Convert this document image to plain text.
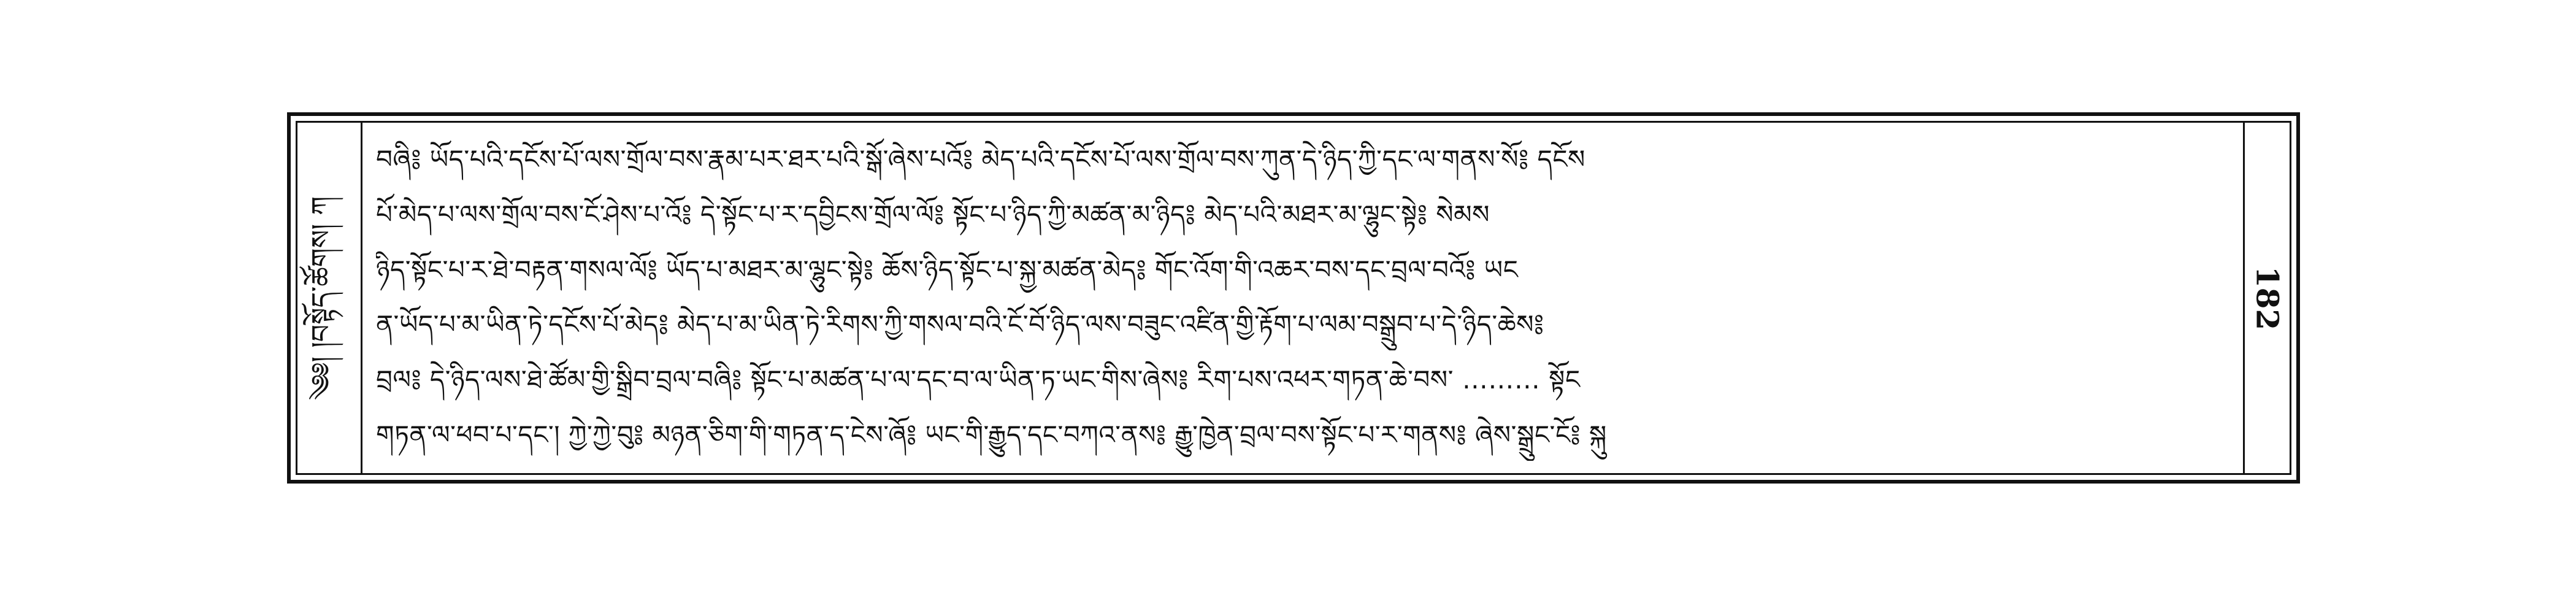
༄༅། །བསྟོད་ཚོགས། ཀ
བཞི༔ ཡོད་པའི་དངོས་པོ་ལས་གྲོལ་བས་རྣམ་པར་ཐར་པའི་སྒོ་ཞེས་པའོ༔ མེད་པའི་དངོས་པོ་ལས་གྲོལ་བས་ཀུན་དེ་ཉིད་ཀྱི་དང་ལ་གནས་སོ༔ དངོས
པོ་མེད་པ་ལས་གྲོལ་བས་ངོ་ཤེས་པ་འོ༔ དེ་སྟོང་པ་ར་དབྱིངས་གྲོལ་ལོ༔ སྟོང་པ་ཉིད་ཀྱི་མཚན་མ་ཉིད༔ མེད་པའི་མཐར་མ་ལྷུང་སྟེ༔ སེམས
ཉིད་སྟོང་པ་ར་ཐེ་བརྟན་གསལ་ལོ༔ ཡོད་པ་མཐར་མ་ལྷུང་སྟེ༔ ཆོས་ཉིད་སྟོང་པ་སྐྱ་མཚན་མེད༔ གོང་འོག་གི་འཆར་བས་དང་བྲལ་བའོ༔ ཡང
ན་ཡོད་པ་མ་ཡིན་ཏེ་དངོས་པོ་མེད༔ མེད་པ་མ་ཡིན་ཏེ་རིགས་ཀྱི་གསལ་བའི་ངོ་བོ་ཉིད་ལས་བཟུང་འཛིན་གྱི་རྟོག་པ་ལམ་བསྒྲུབ་པ་དེ་ཉིད་ཆེས༔
བྲལ༔ དེ་ཉིད་ལས་ཐེ་ཚོམ་གྱི་སྒྲིབ་བྲལ་བཞི༔ སྟོང་པ་མཚན་པ་ལ་དང་བ་ལ་ཡིན་ཏ་ཡང་གིས་ཞེས༔ རིག་པས་འཕར་གཏན་ཆེ་བས་ ……… སྟོང
གཏན་ལ་ཕབ་པ་དང་། ཀྱེ་ཀྱེ་བུ༔ མཉན་ཅིག་གི་གཏན་ད་ངེས་ཞོ༔ ཡང་གི་རྒྱུད་དང་བཀའ་ནས༔ རྒྱུ་ཁྱེན་བྲལ་བས་སྟོང་པ་ར་གནས༔ ཞེས་སྒྲུང་ངོ༔ སྐུ
182
